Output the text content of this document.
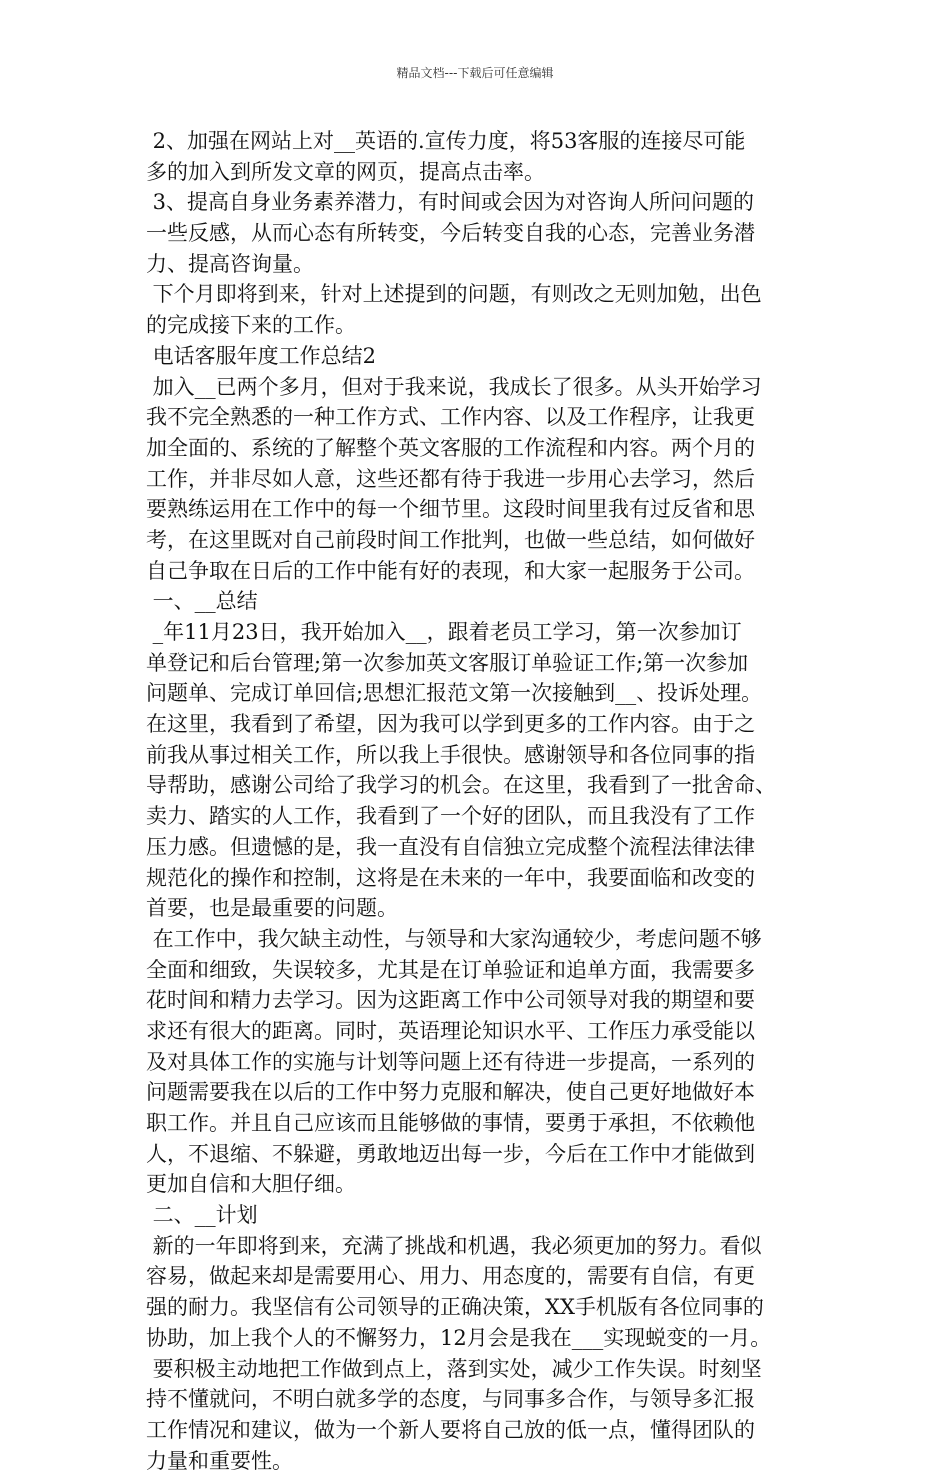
精品文档---下载后可任意编辑
2、加强在网站上对__英语的.宣传力度，将53客服的连接尽可能
多的加入到所发文章的网页，提高点击率。
3、提高自身业务素养潜力，有时间或会因为对咨询人所问问题的
一些反感，从而心态有所转变，今后转变自我的心态，完善业务潜
力、提高咨询量。
下个月即将到来，针对上述提到的问题，有则改之无则加勉，出色
的完成接下来的工作。
电话客服年度工作总结2
加入__已两个多月，但对于我来说，我成长了很多。从头开始学习
我不完全熟悉的一种工作方式、工作内容、以及工作程序，让我更
加全面的、系统的了解整个英文客服的工作流程和内容。两个月的
工作，并非尽如人意，这些还都有待于我进一步用心去学习，然后
要熟练运用在工作中的每一个细节里。这段时间里我有过反省和思
考，在这里既对自己前段时间工作批判，也做一些总结，如何做好
自己争取在日后的工作中能有好的表现，和大家一起服务于公司。
一、__总结
_年11月23日，我开始加入__，跟着老员工学习，第一次参加订
单登记和后台管理;第一次参加英文客服订单验证工作;第一次参加
问题单、完成订单回信;思想汇报范文第一次接触到__、投诉处理。
在这里，我看到了希望，因为我可以学到更多的工作内容。由于之
前我从事过相关工作，所以我上手很快。感谢领导和各位同事的指
导帮助，感谢公司给了我学习的机会。在这里，我看到了一批舍命、
卖力、踏实的人工作，我看到了一个好的团队，而且我没有了工作
压力感。但遗憾的是，我一直没有自信独立完成整个流程法律法律
规范化的操作和控制，这将是在未来的一年中，我要面临和改变的
首要，也是最重要的问题。
在工作中，我欠缺主动性，与领导和大家沟通较少，考虑问题不够
全面和细致，失误较多，尤其是在订单验证和追单方面，我需要多
花时间和精力去学习。因为这距离工作中公司领导对我的期望和要
求还有很大的距离。同时，英语理论知识水平、工作压力承受能以
及对具体工作的实施与计划等问题上还有待进一步提高，一系列的
问题需要我在以后的工作中努力克服和解决，使自己更好地做好本
职工作。并且自己应该而且能够做的事情，要勇于承担，不依赖他
人，不退缩、不躲避，勇敢地迈出每一步，今后在工作中才能做到
更加自信和大胆仔细。
二、__计划
新的一年即将到来，充满了挑战和机遇，我必须更加的努力。看似
容易，做起来却是需要用心、用力、用态度的，需要有自信，有更
强的耐力。我坚信有公司领导的正确决策，XX手机版有各位同事的
协助，加上我个人的不懈努力，12月会是我在___实现蜕变的一月。
要积极主动地把工作做到点上，落到实处，减少工作失误。时刻坚
持不懂就问，不明白就多学的态度，与同事多合作，与领导多汇报
工作情况和建议，做为一个新人要将自己放的低一点，懂得团队的
力量和重要性。
